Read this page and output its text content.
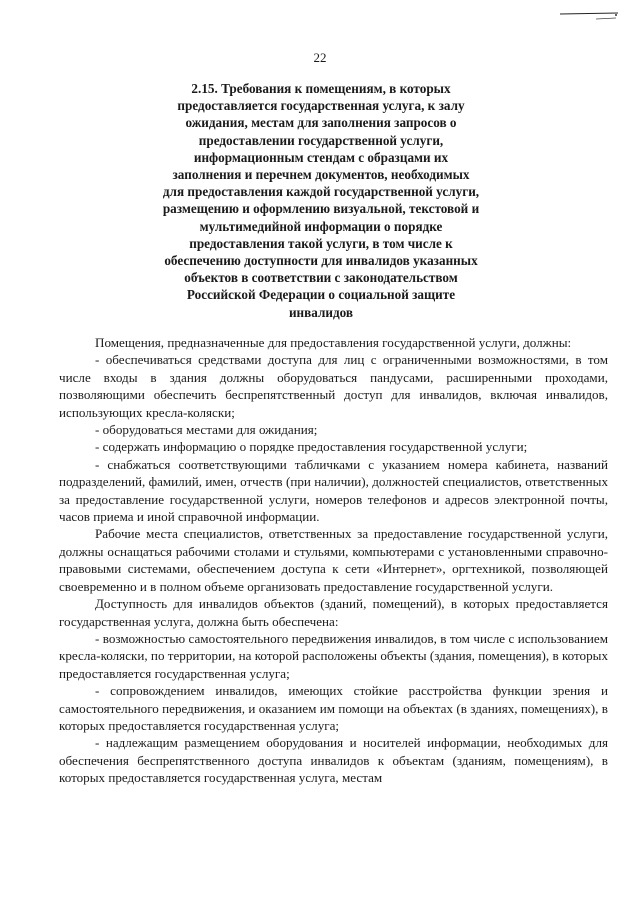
22
2.15. Требования к помещениям, в которых
предоставляется государственная услуга, к залу
ожидания, местам для заполнения запросов о
предоставлении государственной услуги,
информационным стендам с образцами их
заполнения и перечнем документов, необходимых
для предоставления каждой государственной услуги,
размещению и оформлению визуальной, текстовой и
мультимедийной информации о порядке
предоставления такой услуги, в том числе к
обеспечению доступности для инвалидов указанных
объектов в соответствии с законодательством
Российской Федерации о социальной защите
инвалидов

Помещения, предназначенные для предоставления государственной услуги, должны:

- обеспечиваться средствами доступа для лиц с ограниченными возможностями, в том числе входы в здания должны оборудоваться пандусами, расширенными проходами, позволяющими обеспечить беспрепятственный доступ для инвалидов, включая инвалидов, использующих кресла-коляски;

- оборудоваться местами для ожидания;

- содержать информацию о порядке предоставления государственной услуги;

- снабжаться соответствующими табличками с указанием номера кабинета, названий подразделений, фамилий, имен, отчеств (при наличии), должностей специалистов, ответственных за предоставление государственной услуги, номеров телефонов и адресов электронной почты, часов приема и иной справочной информации.

Рабочие места специалистов, ответственных за предоставление государственной услуги, должны оснащаться рабочими столами и стульями, компьютерами с установленными справочно-правовыми системами, обеспечением доступа к сети «Интернет», оргтехникой, позволяющей своевременно и в полном объеме организовать предоставление государственной услуги.

Доступность для инвалидов объектов (зданий, помещений), в которых предоставляется государственная услуга, должна быть обеспечена:

- возможностью самостоятельного передвижения инвалидов, в том числе с использованием кресла-коляски, по территории, на которой расположены объекты (здания, помещения), в которых предоставляется государственная услуга;

- сопровождением инвалидов, имеющих стойкие расстройства функции зрения и самостоятельного передвижения, и оказанием им помощи на объектах (в зданиях, помещениях), в которых предоставляется государственная услуга;

- надлежащим размещением оборудования и носителей информации, необходимых для обеспечения беспрепятственного доступа инвалидов к объектам (зданиям, помещениям), в которых предоставляется государственная услуга, местам
